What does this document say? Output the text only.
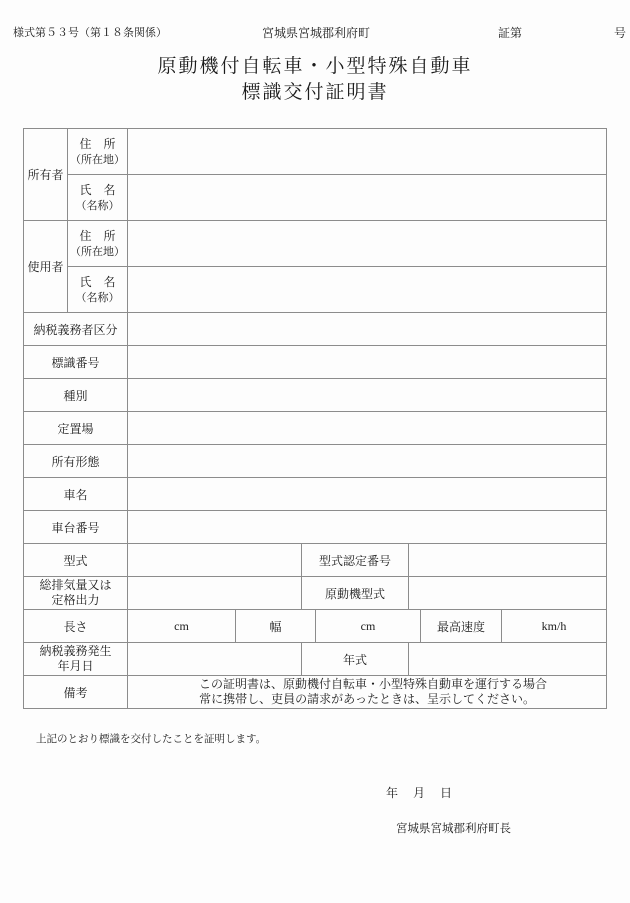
様式第５３号（第１８条関係）	宮城県宮城郡利府町	証第	号
原動機付自転車・小型特殊自動車
標識交付証明書
所有者	住　所
（所在地）							

	氏　名
（名称）							

使用者	住　所
（所在地）							

	氏　名
（名称）							

納税義務者区分								
標識番号								
種別								
定置場								
所有形態								
車名								
車台番号								
型式				型式認定番号				

総排気量又は
定格出力				原動機型式				
長さ		cm	幅		cm		最高速度	km/h

納税義務発生
年月日				年式				
備考		　この証明書は、原動機付自転車・小型特殊自動車を運行する場合
常に携帯し、吏員の請求があったときは、呈示してください。						
上記のとおり標識を交付したことを証明します。
年　 月　 日
宮城県宮城郡利府町長
